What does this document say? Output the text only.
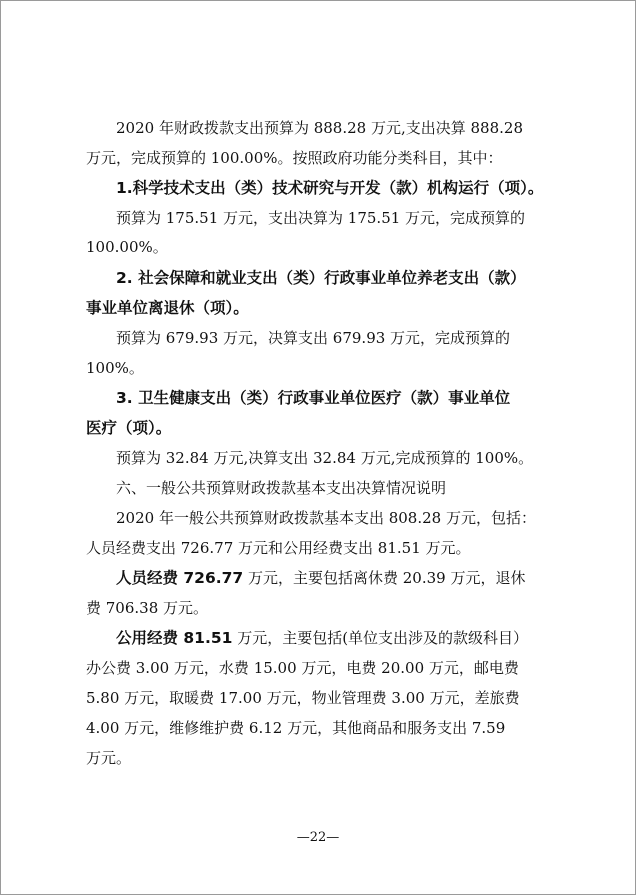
2020 年财政拨款支出预算为 888.28 万元,支出决算 888.28
万元，完成预算的 100.00%。按照政府功能分类科目，其中：
1.科学技术支出（类）技术研究与开发（款）机构运行（项）。
预算为 175.51 万元，支出决算为 175.51 万元，完成预算的
100.00%。
2. 社会保障和就业支出（类）行政事业单位养老支出（款）
事业单位离退休（项）。
预算为 679.93 万元，决算支出 679.93 万元，完成预算的
100%。
3. 卫生健康支出（类）行政事业单位医疗（款）事业单位
医疗（项）。
预算为 32.84 万元,决算支出 32.84 万元,完成预算的 100%。
六、一般公共预算财政拨款基本支出决算情况说明
2020 年一般公共预算财政拨款基本支出 808.28 万元，包括：
人员经费支出 726.77 万元和公用经费支出 81.51 万元。
人员经费 726.77 万元，主要包括离休费 20.39 万元，退休
费 706.38 万元。
公用经费 81.51 万元，主要包括(单位支出涉及的款级科目）
办公费 3.00 万元，水费 15.00 万元，电费 20.00 万元，邮电费
5.80 万元，取暖费 17.00 万元，物业管理费 3.00 万元，差旅费
4.00 万元，维修维护费 6.12 万元，其他商品和服务支出 7.59
万元。
—22—
